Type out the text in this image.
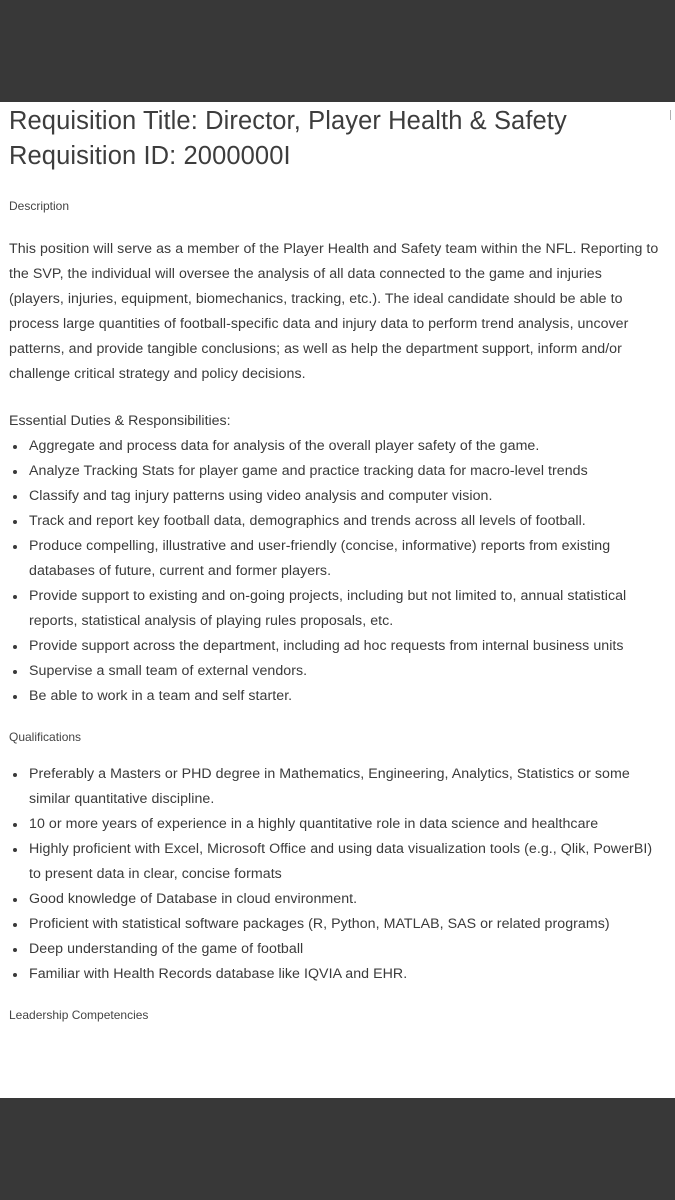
Requisition Title: Director, Player Health & Safety
Requisition ID: 2000000I
Description

This position will serve as a member of the Player Health and Safety team within the NFL. Reporting to the SVP, the individual will oversee the analysis of all data connected to the game and injuries (players, injuries, equipment, biomechanics, tracking, etc.). The ideal candidate should be able to process large quantities of football-specific data and injury data to perform trend analysis, uncover patterns, and provide tangible conclusions; as well as help the department support, inform and/or challenge critical strategy and policy decisions.

Essential Duties & Responsibilities:
Aggregate and process data for analysis of the overall player safety of the game.
Analyze Tracking Stats for player game and practice tracking data for macro-level trends
Classify and tag injury patterns using video analysis and computer vision.
Track and report key football data, demographics and trends across all levels of football.
Produce compelling, illustrative and user-friendly (concise, informative) reports from existing databases of future, current and former players.
Provide support to existing and on-going projects, including but not limited to, annual statistical reports, statistical analysis of playing rules proposals, etc.
Provide support across the department, including ad hoc requests from internal business units
Supervise a small team of external vendors.
Be able to work in a team and self starter.
Qualifications
Preferably a Masters or PHD degree in Mathematics, Engineering, Analytics, Statistics or some similar quantitative discipline.
10 or more years of experience in a highly quantitative role in data science and healthcare
Highly proficient with Excel, Microsoft Office and using data visualization tools (e.g., Qlik, PowerBI) to present data in clear, concise formats
Good knowledge of Database in cloud environment.
Proficient with statistical software packages (R, Python, MATLAB, SAS or related programs)
Deep understanding of the game of football
Familiar with Health Records database like IQVIA and EHR.
Leadership Competencies
